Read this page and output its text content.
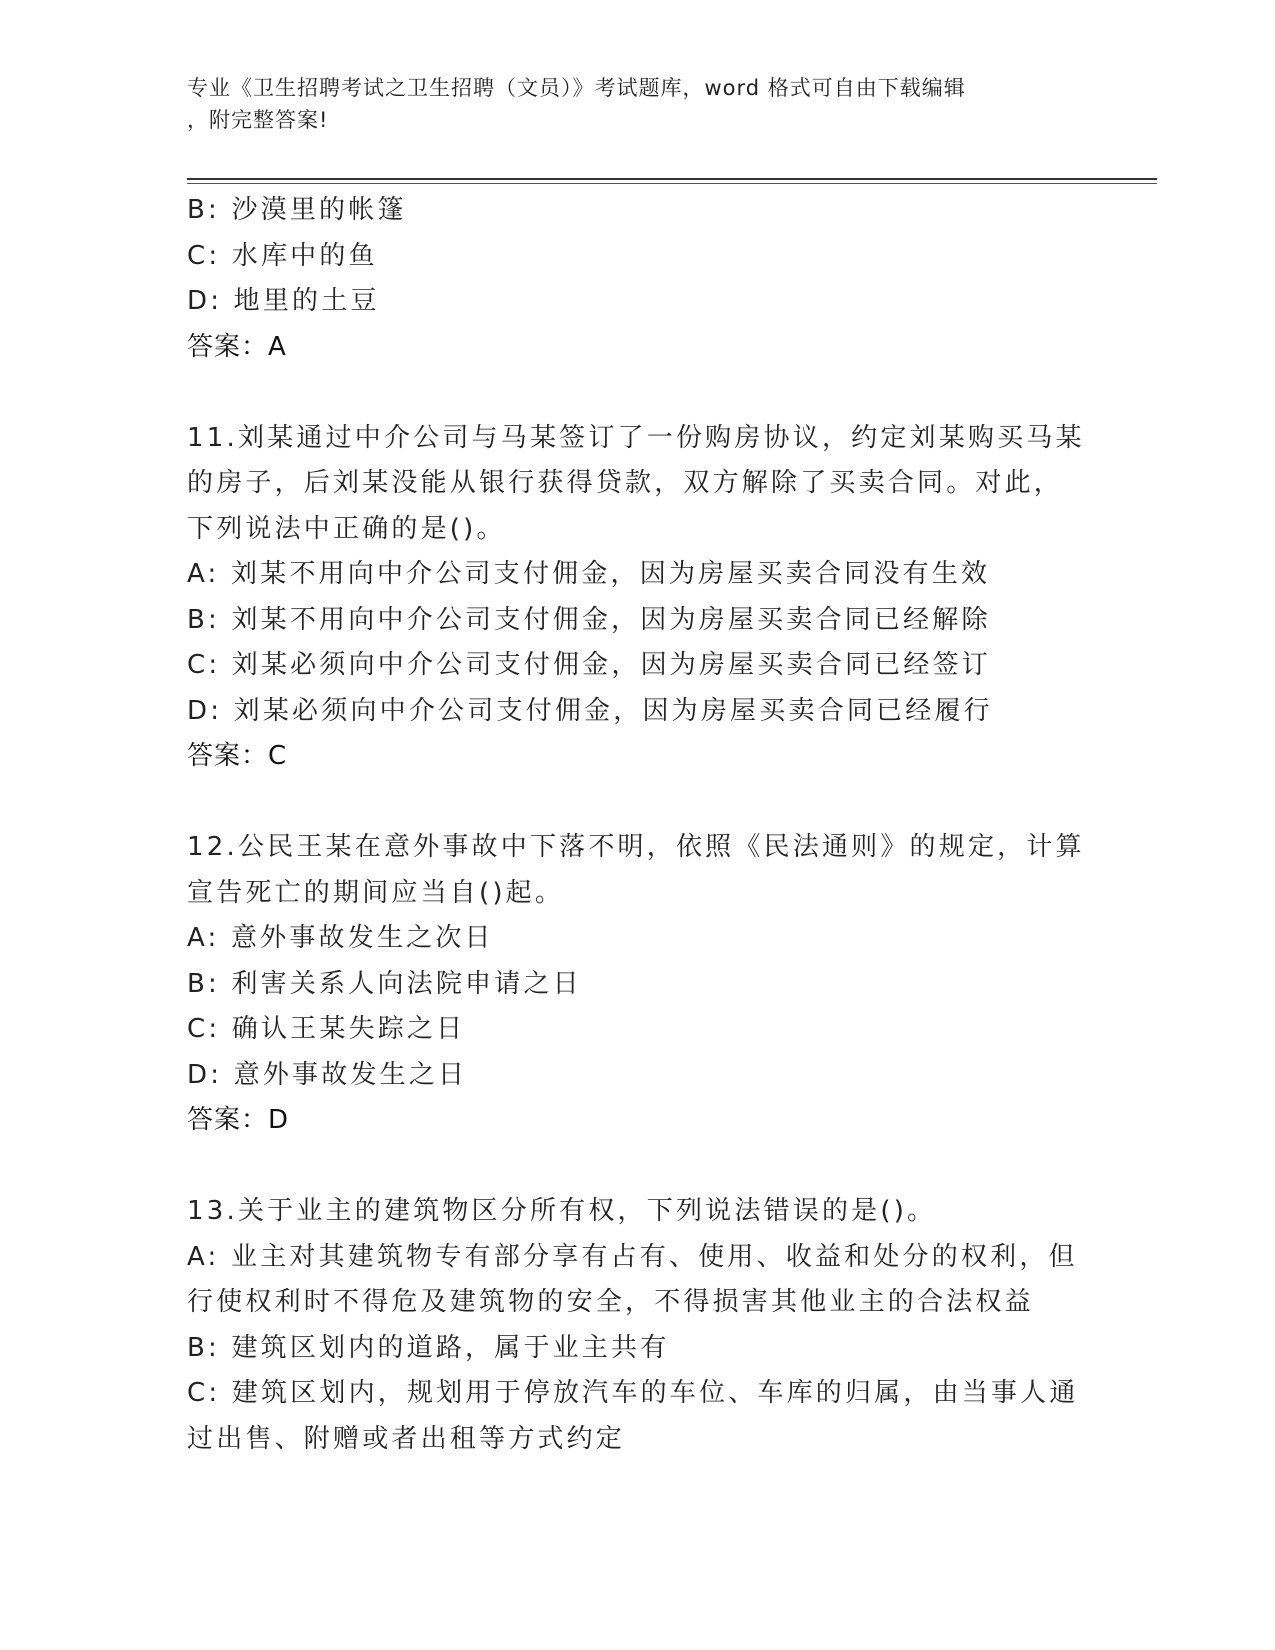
专业《卫生招聘考试之卫生招聘（文员）》考试题库，word 格式可自由下载编辑
，附完整答案!
B: 沙漠里的帐篷
C: 水库中的鱼
D: 地里的土豆
答案：A
11.刘某通过中介公司与马某签订了一份购房协议，约定刘某购买马某
的房子，后刘某没能从银行获得贷款，双方解除了买卖合同。对此，
下列说法中正确的是()。
A: 刘某不用向中介公司支付佣金，因为房屋买卖合同没有生效
B: 刘某不用向中介公司支付佣金，因为房屋买卖合同已经解除
C: 刘某必须向中介公司支付佣金，因为房屋买卖合同已经签订
D: 刘某必须向中介公司支付佣金，因为房屋买卖合同已经履行
答案：C
12.公民王某在意外事故中下落不明，依照《民法通则》的规定，计算
宣告死亡的期间应当自()起。
A: 意外事故发生之次日
B: 利害关系人向法院申请之日
C: 确认王某失踪之日
D: 意外事故发生之日
答案：D
13.关于业主的建筑物区分所有权，下列说法错误的是()。
A: 业主对其建筑物专有部分享有占有、使用、收益和处分的权利，但
行使权利时不得危及建筑物的安全，不得损害其他业主的合法权益
B: 建筑区划内的道路，属于业主共有
C: 建筑区划内，规划用于停放汽车的车位、车库的归属，由当事人通
过出售、附赠或者出租等方式约定
